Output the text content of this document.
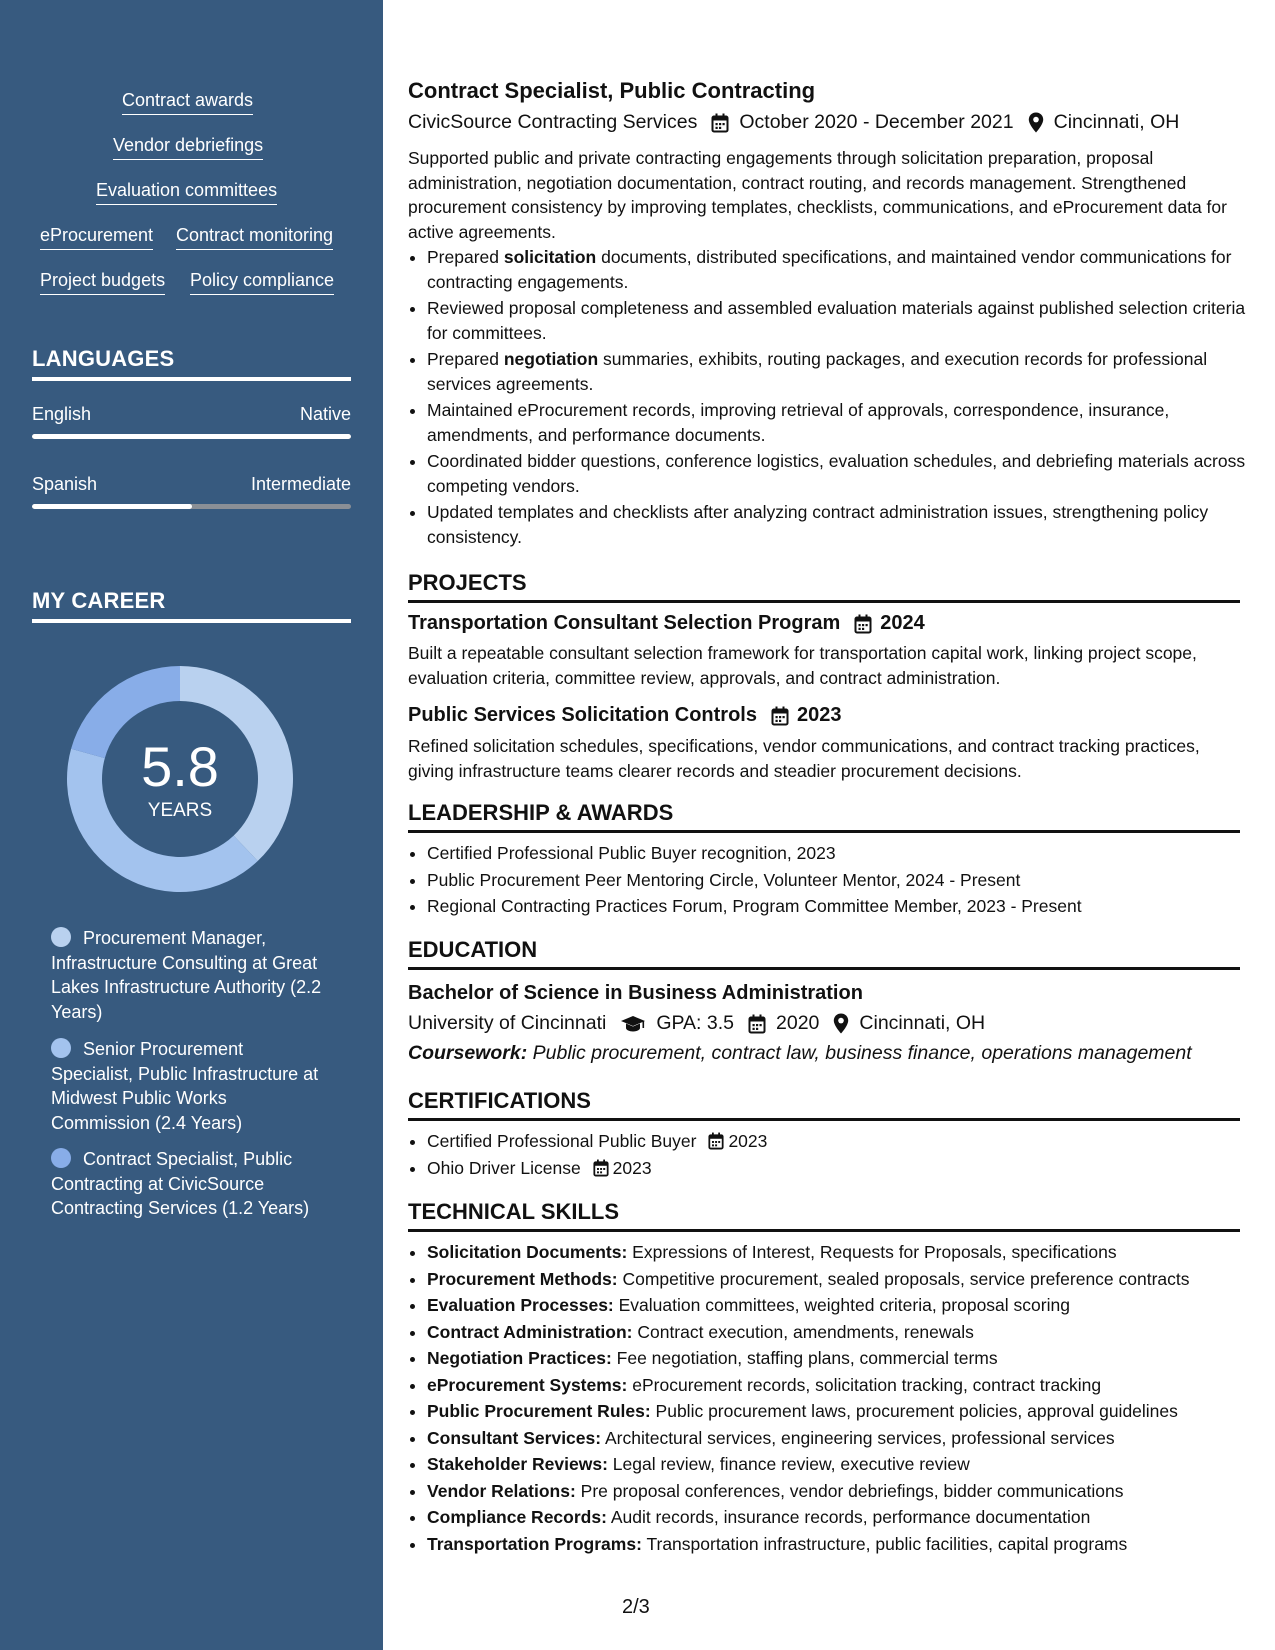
Contract awards
Vendor debriefings
Evaluation committees
eProcurement Contract monitoring
Project budgets Policy compliance
LANGUAGES
English	Native
Spanish	Intermediate
MY CAREER
5.8
YEARS
Procurement Manager, Infrastructure Consulting at Great Lakes Infrastructure Authority (2.2 Years)
Senior Procurement Specialist, Public Infrastructure at Midwest Public Works Commission (2.4 Years)
Contract Specialist, Public Contracting at CivicSource Contracting Services (1.2 Years)
Contract Specialist, Public Contracting
CivicSource Contracting Services October 2020 - December 2021 Cincinnati, OH
Supported public and private contracting engagements through solicitation preparation, proposal administration, negotiation documentation, contract routing, and records management. Strengthened procurement consistency by improving templates, checklists, communications, and eProcurement data for active agreements.
• Prepared solicitation documents, distributed specifications, and maintained vendor communications for contracting engagements.
• Reviewed proposal completeness and assembled evaluation materials against published selection criteria for committees.
• Prepared negotiation summaries, exhibits, routing packages, and execution records for professional services agreements.
• Maintained eProcurement records, improving retrieval of approvals, correspondence, insurance, amendments, and performance documents.
• Coordinated bidder questions, conference logistics, evaluation schedules, and debriefing materials across competing vendors.
• Updated templates and checklists after analyzing contract administration issues, strengthening policy consistency.
PROJECTS
Transportation Consultant Selection Program 2024
Built a repeatable consultant selection framework for transportation capital work, linking project scope, evaluation criteria, committee review, approvals, and contract administration.
Public Services Solicitation Controls 2023
Refined solicitation schedules, specifications, vendor communications, and contract tracking practices, giving infrastructure teams clearer records and steadier procurement decisions.
LEADERSHIP & AWARDS
• Certified Professional Public Buyer recognition, 2023
• Public Procurement Peer Mentoring Circle, Volunteer Mentor, 2024 - Present
• Regional Contracting Practices Forum, Program Committee Member, 2023 - Present
EDUCATION
Bachelor of Science in Business Administration
University of Cincinnati	GPA: 3.5 2020 Cincinnati, OH
Coursework: Public procurement, contract law, business finance, operations management
CERTIFICATIONS
• Certified Professional Public Buyer 2023
• Ohio Driver License 2023
TECHNICAL SKILLS
• Solicitation Documents: Expressions of Interest, Requests for Proposals, specifications
• Procurement Methods: Competitive procurement, sealed proposals, service preference contracts
• Evaluation Processes: Evaluation committees, weighted criteria, proposal scoring
• Contract Administration: Contract execution, amendments, renewals
• Negotiation Practices: Fee negotiation, staffing plans, commercial terms
• eProcurement Systems: eProcurement records, solicitation tracking, contract tracking
• Public Procurement Rules: Public procurement laws, procurement policies, approval guidelines
• Consultant Services: Architectural services, engineering services, professional services
• Stakeholder Reviews: Legal review, finance review, executive review
• Vendor Relations: Pre proposal conferences, vendor debriefings, bidder communications
• Compliance Records: Audit records, insurance records, performance documentation
• Transportation Programs: Transportation infrastructure, public facilities, capital programs
2/3
